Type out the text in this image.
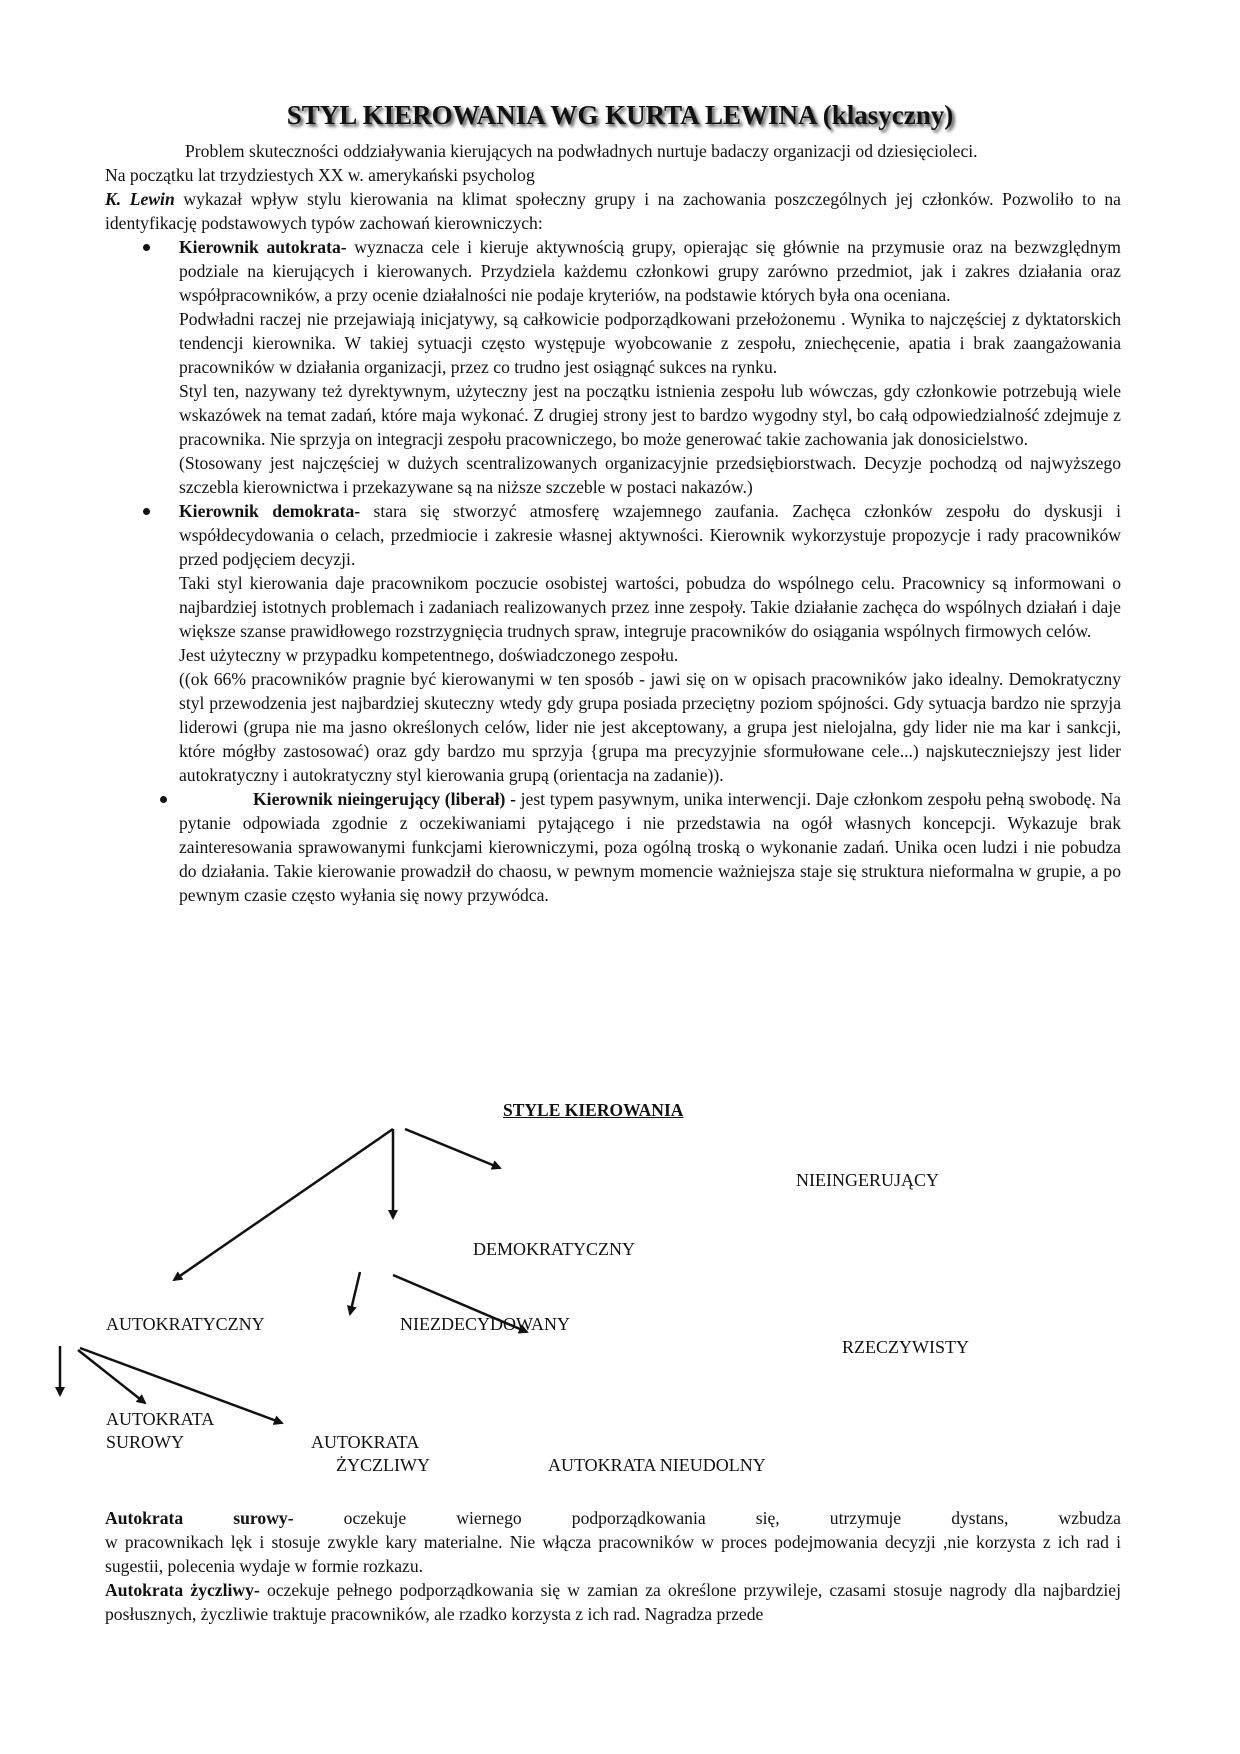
STYL KIEROWANIA WG KURTA LEWINA (klasyczny)

Problem skuteczności oddziaływania kierujących na podwładnych nurtuje badaczy organizacji od dziesięcioleci.

Na początku lat trzydziestych XX w. amerykański psycholog

K. Lewin wykazał wpływ stylu kierowania na klimat społeczny grupy i na zachowania poszczególnych jej członków. Pozwoliło to na identyfikację podstawowych typów zachowań kierowniczych:

Kierownik autokrata- wyznacza cele i kieruje aktywnością grupy, opierając się głównie na przymusie oraz na bezwzględnym podziale na kierujących i kierowanych. Przydziela każdemu członkowi grupy zarówno przedmiot, jak i zakres działania oraz współpracowników, a przy ocenie działalności nie podaje kryteriów, na podstawie których była ona oceniana.

Podwładni raczej nie przejawiają inicjatywy, są całkowicie podporządkowani przełożonemu . Wynika to najczęściej z dyktatorskich tendencji kierownika. W takiej sytuacji często występuje wyobcowanie z zespołu, zniechęcenie, apatia i brak zaangażowania pracowników w działania organizacji, przez co trudno jest osiągnąć sukces na rynku.

Styl ten, nazywany też dyrektywnym, użyteczny jest na początku istnienia zespołu lub wówczas, gdy członkowie potrzebują wiele wskazówek na temat zadań, które maja wykonać. Z drugiej strony jest to bardzo wygodny styl, bo całą odpowiedzialność zdejmuje z pracownika. Nie sprzyja on integracji zespołu pracowniczego, bo może generować takie zachowania jak donosicielstwo.

(Stosowany jest najczęściej w dużych scentralizowanych organizacyjnie przedsiębiorstwach. Decyzje pochodzą od najwyższego szczebla kierownictwa i przekazywane są na niższe szczeble w postaci nakazów.)

Kierownik demokrata- stara się stworzyć atmosferę wzajemnego zaufania. Zachęca członków zespołu do dyskusji i współdecydowania o celach, przedmiocie i zakresie własnej aktywności. Kierownik wykorzystuje propozycje i rady pracowników przed podjęciem decyzji.

Taki styl kierowania daje pracownikom poczucie osobistej wartości, pobudza do wspólnego celu. Pracownicy są informowani o najbardziej istotnych problemach i zadaniach realizowanych przez inne zespoły. Takie działanie zachęca do wspólnych działań i daje większe szanse prawidłowego rozstrzygnięcia trudnych spraw, integruje pracowników do osiągania wspólnych firmowych celów.

Jest użyteczny w przypadku kompetentnego, doświadczonego zespołu.

((ok 66% pracowników pragnie być kierowanymi w ten sposób - jawi się on w opisach pracowników jako idealny. Demokratyczny styl przewodzenia jest najbardziej skuteczny wtedy gdy grupa posiada przeciętny poziom spójności. Gdy sytuacja bardzo nie sprzyja liderowi (grupa nie ma jasno określonych celów, lider nie jest akceptowany, a grupa jest nielojalna, gdy lider nie ma kar i sankcji, które mógłby zastosować) oraz gdy bardzo mu sprzyja {grupa ma precyzyjnie sformułowane cele...) najskuteczniejszy jest lider autokratyczny i autokratyczny styl kierowania grupą (orientacja na zadanie)).

Kierownik nieingerujący (liberał) - jest typem pasywnym, unika interwencji. Daje członkom zespołu pełną swobodę. Na pytanie odpowiada zgodnie z oczekiwaniami pytającego i nie przedstawia na ogół własnych koncepcji. Wykazuje brak zainteresowania sprawowanymi funkcjami kierowniczymi, poza ogólną troską o wykonanie zadań. Unika ocen ludzi i nie pobudza do działania. Takie kierowanie prowadził do chaosu, w pewnym momencie ważniejsza staje się struktura nieformalna w grupie, a po pewnym czasie często wyłania się nowy przywódca.

STYLE KIEROWANIA
NIEINGERUJĄCY
DEMOKRATYCZNY
AUTOKRATYCZNY	NIEZDECYDOWANY
RZECZYWISTY
AUTOKRATA
SUROWY	AUTOKRATA
ŻYCZLIWY	AUTOKRATA NIEUDOLNY
Autokrata	surowy-	oczekuje	wiernego	podporządkowania	się,	utrzymuje	dystans,	wzbudza

w pracownikach lęk i stosuje zwykle kary materialne. Nie włącza pracowników w proces podejmowania decyzji ,nie korzysta z ich rad i sugestii, polecenia wydaje w formie rozkazu.

Autokrata życzliwy- oczekuje pełnego podporządkowania się w zamian za określone przywileje, czasami stosuje nagrody dla najbardziej posłusznych, życzliwie traktuje pracowników, ale rzadko korzysta z ich rad. Nagradza przede
